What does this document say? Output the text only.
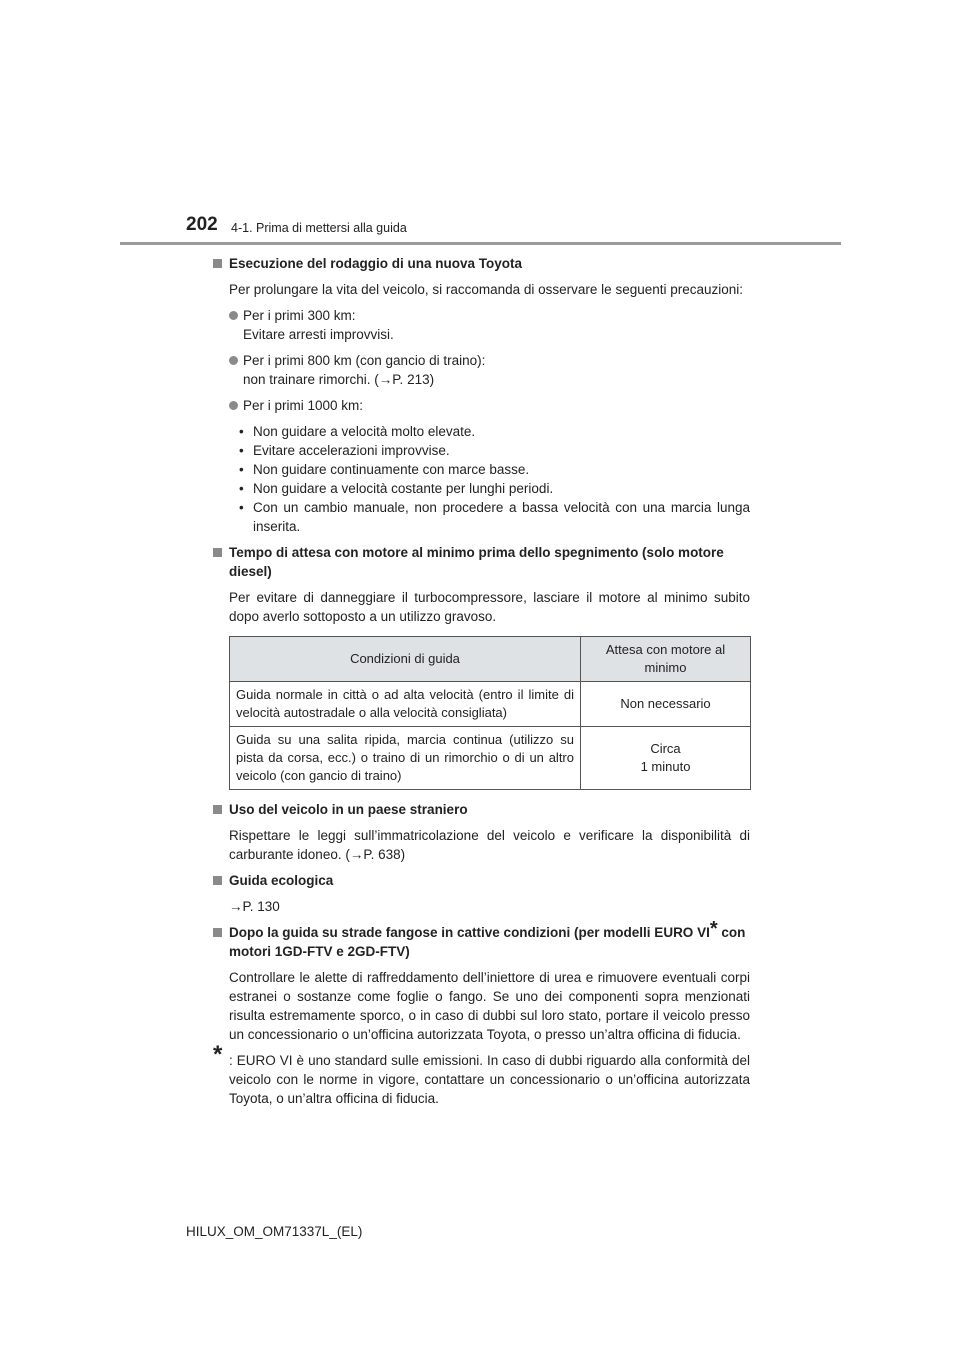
202 4-1. Prima di mettersi alla guida
Esecuzione del rodaggio di una nuova Toyota
Per prolungare la vita del veicolo, si raccomanda di osservare le seguenti precauzioni:
Per i primi 300 km:
Evitare arresti improvvisi.
Per i primi 800 km (con gancio di traino):
non trainare rimorchi. (→P. 213)
Per i primi 1000 km:
• Non guidare a velocità molto elevate.
• Evitare accelerazioni improvvise.
• Non guidare continuamente con marce basse.
• Non guidare a velocità costante per lunghi periodi.
• Con un cambio manuale, non procedere a bassa velocità con una marcia lunga inserita.
Tempo di attesa con motore al minimo prima dello spegnimento (solo motore diesel)
Per evitare di danneggiare il turbocompressore, lasciare il motore al minimo subito dopo averlo sottoposto a un utilizzo gravoso.
Condizioni di guida	Attesa con motore al minimo
Guida normale in città o ad alta velocità (entro il limite di velocità autostradale o alla velocità consigliata)	Non necessario
Guida su una salita ripida, marcia continua (utilizzo su pista da corsa, ecc.) o traino di un rimorchio o di un altro veicolo (con gancio di traino)	Circa
1 minuto
Uso del veicolo in un paese straniero
Rispettare le leggi sull’immatricolazione del veicolo e verificare la disponibilità di carburante idoneo. (→P. 638)
Guida ecologica
→P. 130
Dopo la guida su strade fangose in cattive condizioni (per modelli EURO VI* con motori 1GD-FTV e 2GD-FTV)
Controllare le alette di raffreddamento dell’iniettore di urea e rimuovere eventuali corpi estranei o sostanze come foglie o fango. Se uno dei componenti sopra menzionati risulta estremamente sporco, o in caso di dubbi sul loro stato, portare il veicolo presso un concessionario o un’officina autorizzata Toyota, o presso un’altra officina di fiducia.
* : EURO VI è uno standard sulle emissioni. In caso di dubbi riguardo alla conformità del veicolo con le norme in vigore, contattare un concessionario o un’officina autorizzata Toyota, o un’altra officina di fiducia.
HILUX_OM_OM71337L_(EL)
